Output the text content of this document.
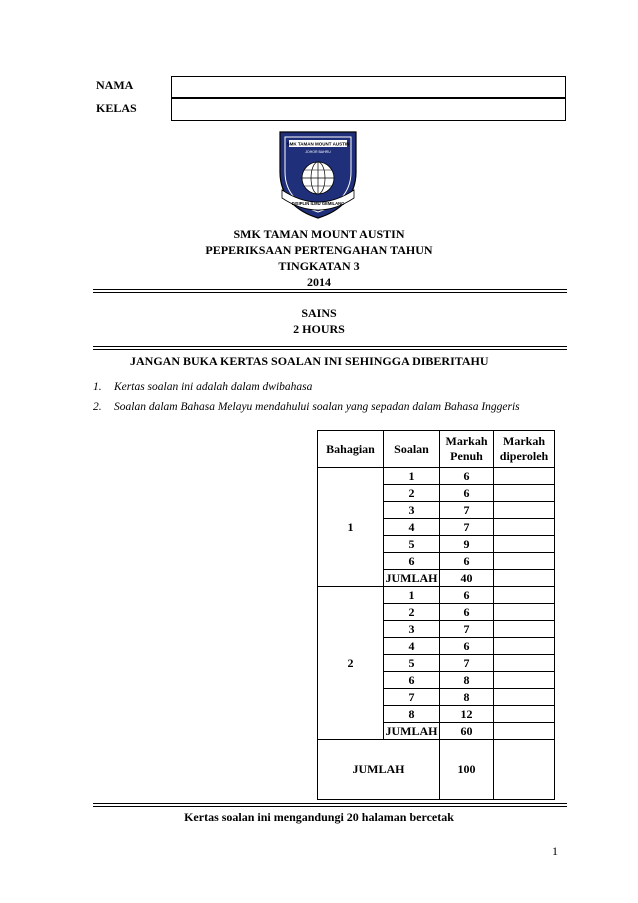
NAMA
KELAS
SMK TAMAN MOUNT AUSTIN
JOHOR BAHRU
DISIPLIN ILMU GEMILANG
SMK TAMAN MOUNT AUSTIN
PEPERIKSAAN PERTENGAHAN TAHUN
TINGKATAN 3
2014
SAINS
2 HOURS
JANGAN BUKA KERTAS SOALAN INI SEHINGGA DIBERITAHU
1. Kertas soalan ini adalah dalam dwibahasa
2. Soalan dalam Bahasa Melayu mendahului soalan yang sepadan dalam Bahasa Inggeris
Bahagian	Soalan	Markah Penuh	Markah diperoleh
1	1	6	
	2	6	
	3	7	
	4	7	
	5	9	
	6	6	
	JUMLAH	40	
2	1	6	
	2	6	
	3	7	
	4	6	
	5	7	
	6	8	
	7	8	
	8	12	
	JUMLAH	60	
JUMLAH		100	
Kertas soalan ini mengandungi 20 halaman bercetak
1
